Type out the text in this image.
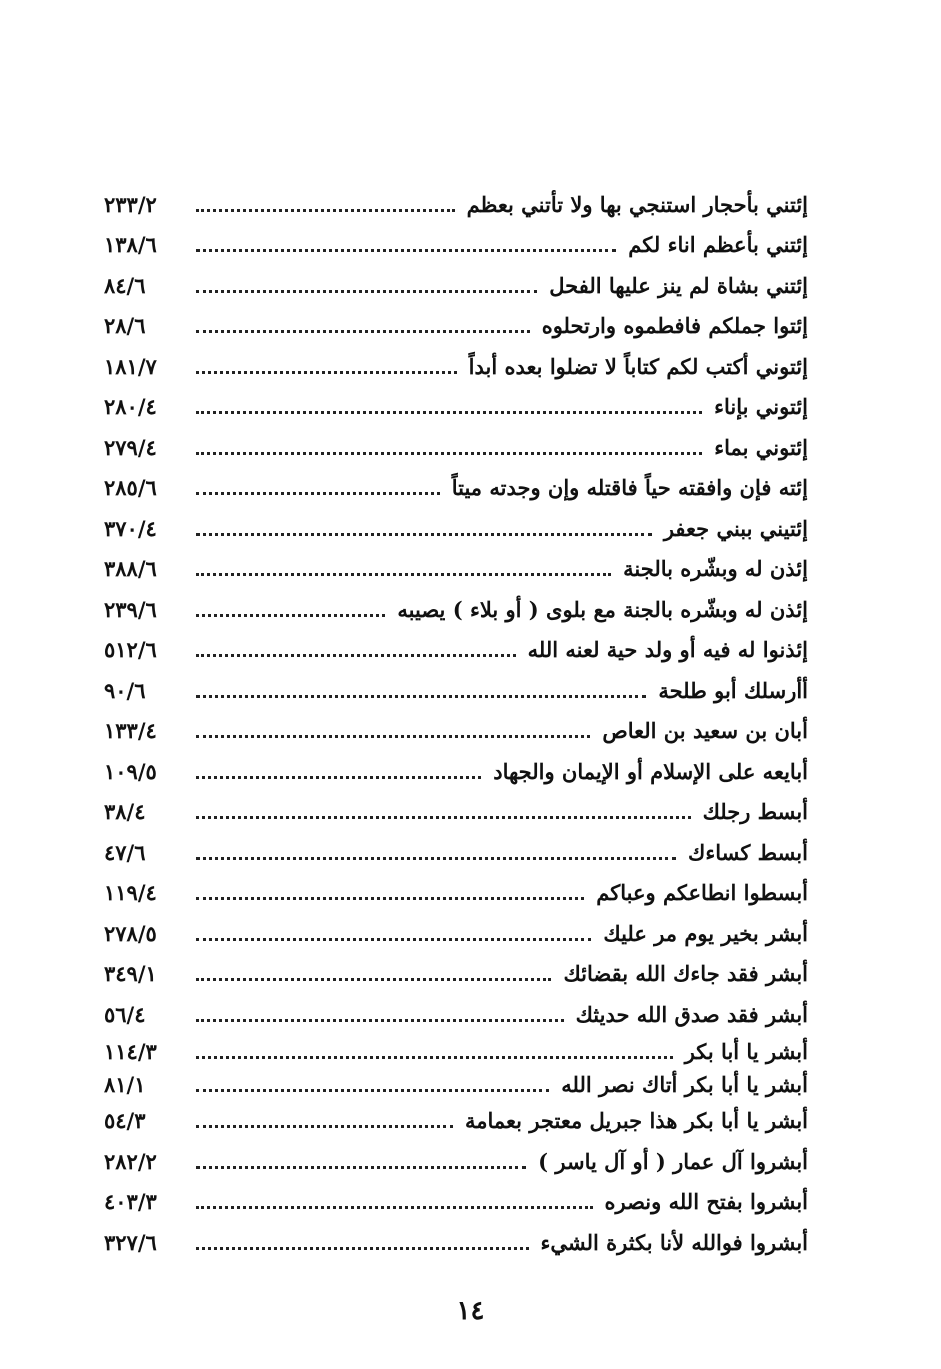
٢٣٣/٢	إئتني بأحجار استنجي بها ولا تأتني بعظم
١٣٨/٦	إئتني بأعظم اناء لكم
٨٤/٦	إئتني بشاة لم ينز عليها الفحل
٢٨/٦	إئتوا جملكم فافطموه وارتحلوه
١٨١/٧	إئتوني أكتب لكم كتاباً لا تضلوا بعده أبداً
٢٨٠/٤	إئتوني بإناء
٢٧٩/٤	إئتوني بماء
٢٨٥/٦	إئته فإن وافقته حياً فاقتله وإن وجدته ميتاً
٣٧٠/٤	إئتيني ببني جعفر
٣٨٨/٦	إئذن له وبشّره بالجنة
٢٣٩/٦	إئذن له وبشّره بالجنة مع بلوى ( أو بلاء ) يصيبه
٥١٢/٦	إئذنوا له فيه أو ولد حية لعنه الله
٩٠/٦	أأرسلك أبو طلحة
١٣٣/٤	أبان بن سعيد بن العاص
١٠٩/٥	أبايعه على الإسلام أو الإيمان والجهاد
٣٨/٤	أبسط رجلك
٤٧/٦	أبسط كساءك
١١٩/٤	أبسطوا انطاعكم وعباكم
٢٧٨/٥	أبشر بخير يوم مر عليك
٣٤٩/١	أبشر فقد جاءك الله بقضائك
٥٦/٤	أبشر فقد صدق الله حديثك
١١٤/٣	أبشر يا أبا بكر
٨١/١	أبشر يا أبا بكر أتاك نصر الله
٥٤/٣	أبشر يا أبا بكر هذا جبريل معتجر بعمامة
٢٨٢/٢	أبشروا آل عمار ( أو آل ياسر )
٤٠٣/٣	أبشروا بفتح الله ونصره
٣٢٧/٦	أبشروا فوالله لأنا بكثرة الشيء
١٤
